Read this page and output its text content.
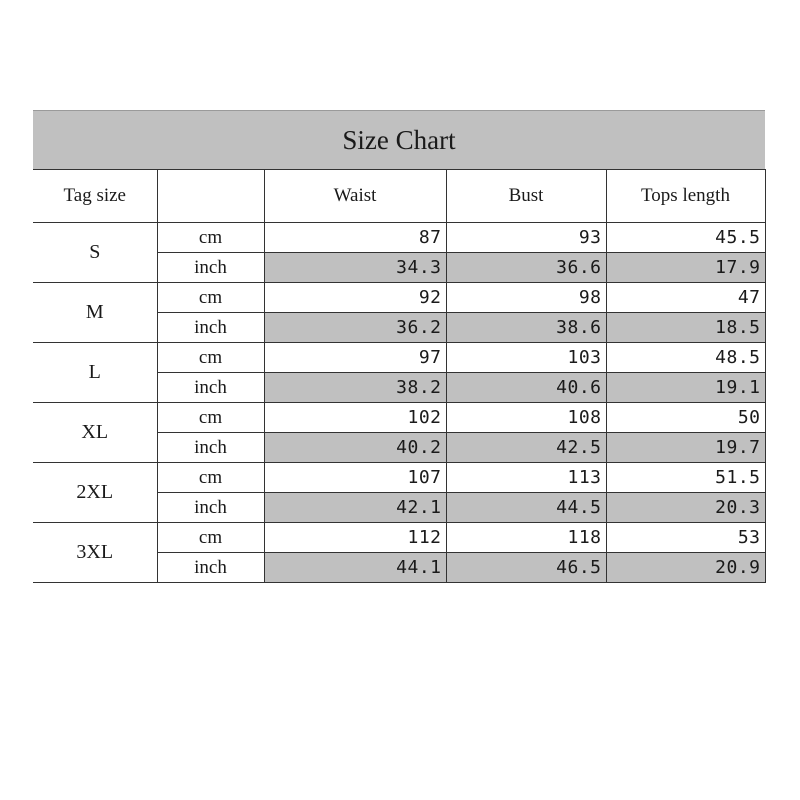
Size Chart
Tag size		Waist	Bust	Tops length
S	cm	87	93	45.5
	inch	34.3	36.6	17.9
M	cm	92	98	47
	inch	36.2	38.6	18.5
L	cm	97	103	48.5
	inch	38.2	40.6	19.1
XL	cm	102	108	50
	inch	40.2	42.5	19.7
2XL	cm	107	113	51.5
	inch	42.1	44.5	20.3
3XL	cm	112	118	53
	inch	44.1	46.5	20.9
